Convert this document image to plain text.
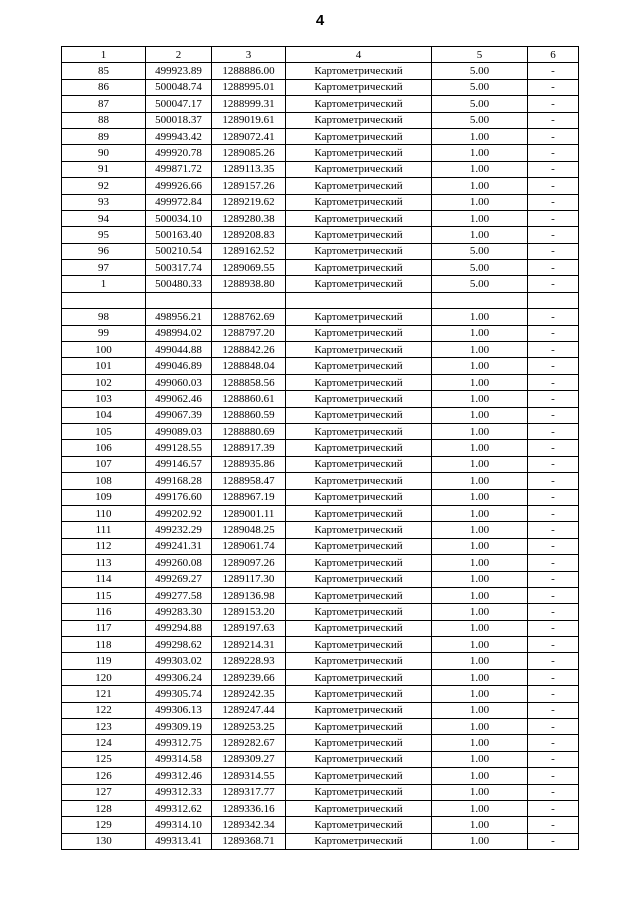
4
1	2	3	4	5	6
85	499923.89	1288886.00	Картометрический	5.00	-
86	500048.74	1288995.01	Картометрический	5.00	-
87	500047.17	1288999.31	Картометрический	5.00	-
88	500018.37	1289019.61	Картометрический	5.00	-
89	499943.42	1289072.41	Картометрический	1.00	-
90	499920.78	1289085.26	Картометрический	1.00	-
91	499871.72	1289113.35	Картометрический	1.00	-
92	499926.66	1289157.26	Картометрический	1.00	-
93	499972.84	1289219.62	Картометрический	1.00	-
94	500034.10	1289280.38	Картометрический	1.00	-
95	500163.40	1289208.83	Картометрический	1.00	-
96	500210.54	1289162.52	Картометрический	5.00	-
97	500317.74	1289069.55	Картометрический	5.00	-
1	500480.33	1288938.80	Картометрический	5.00	-

98	498956.21	1288762.69	Картометрический	1.00	-
99	498994.02	1288797.20	Картометрический	1.00	-
100	499044.88	1288842.26	Картометрический	1.00	-
101	499046.89	1288848.04	Картометрический	1.00	-
102	499060.03	1288858.56	Картометрический	1.00	-
103	499062.46	1288860.61	Картометрический	1.00	-
104	499067.39	1288860.59	Картометрический	1.00	-
105	499089.03	1288880.69	Картометрический	1.00	-
106	499128.55	1288917.39	Картометрический	1.00	-
107	499146.57	1288935.86	Картометрический	1.00	-
108	499168.28	1288958.47	Картометрический	1.00	-
109	499176.60	1288967.19	Картометрический	1.00	-
110	499202.92	1289001.11	Картометрический	1.00	-
111	499232.29	1289048.25	Картометрический	1.00	-
112	499241.31	1289061.74	Картометрический	1.00	-
113	499260.08	1289097.26	Картометрический	1.00	-
114	499269.27	1289117.30	Картометрический	1.00	-
115	499277.58	1289136.98	Картометрический	1.00	-
116	499283.30	1289153.20	Картометрический	1.00	-
117	499294.88	1289197.63	Картометрический	1.00	-
118	499298.62	1289214.31	Картометрический	1.00	-
119	499303.02	1289228.93	Картометрический	1.00	-
120	499306.24	1289239.66	Картометрический	1.00	-
121	499305.74	1289242.35	Картометрический	1.00	-
122	499306.13	1289247.44	Картометрический	1.00	-
123	499309.19	1289253.25	Картометрический	1.00	-
124	499312.75	1289282.67	Картометрический	1.00	-
125	499314.58	1289309.27	Картометрический	1.00	-
126	499312.46	1289314.55	Картометрический	1.00	-
127	499312.33	1289317.77	Картометрический	1.00	-
128	499312.62	1289336.16	Картометрический	1.00	-
129	499314.10	1289342.34	Картометрический	1.00	-
130	499313.41	1289368.71	Картометрический	1.00	-
